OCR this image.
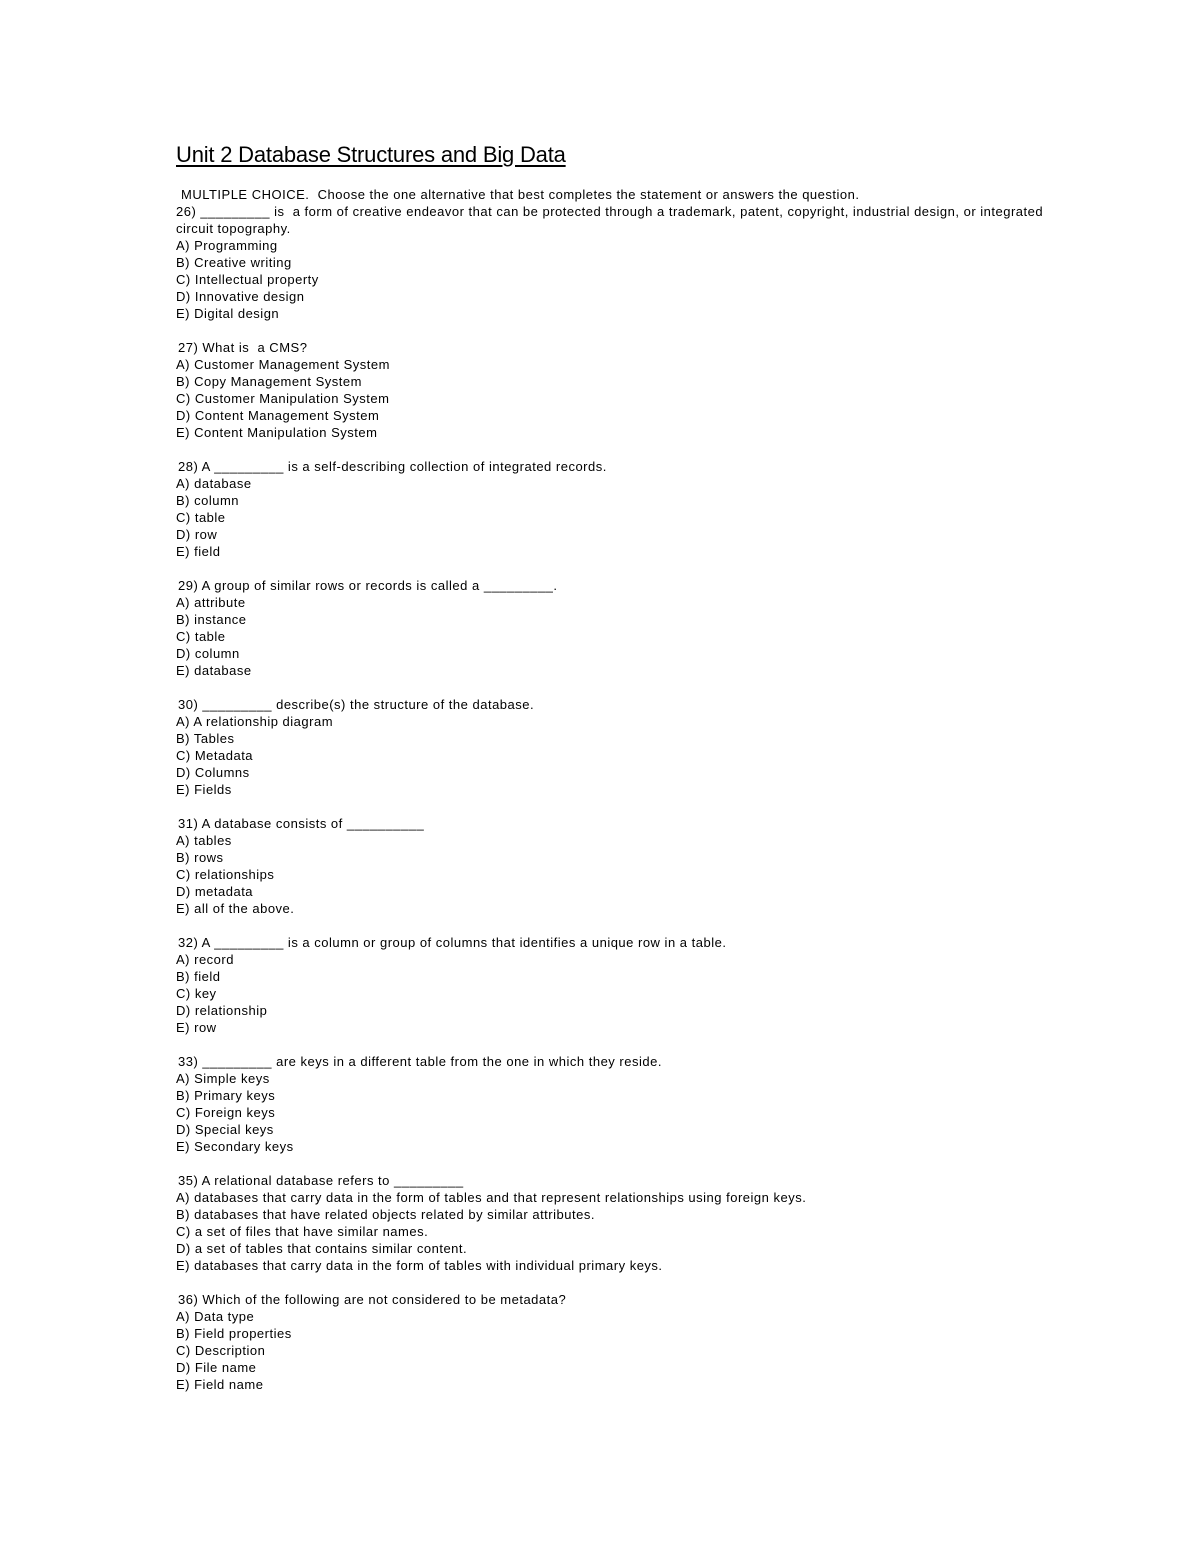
Unit 2 Database Structures and Big Data
MULTIPLE CHOICE.  Choose the one alternative that best completes the statement or answers the question.
26) _________ is  a form of creative endeavor that can be protected through a trademark, patent, copyright, industrial design, or integrated circuit topography.
A) Programming
B) Creative writing
C) Intellectual property
D) Innovative design
E) Digital design
27) What is  a CMS?
A) Customer Management System
B) Copy Management System
C) Customer Manipulation System
D) Content Management System
E) Content Manipulation System
28) A _________ is a self-describing collection of integrated records.
A) database
B) column
C) table
D) row
E) field
29) A group of similar rows or records is called a _________.
A) attribute
B) instance
C) table
D) column
E) database
30) _________ describe(s) the structure of the database.
A) A relationship diagram
B) Tables
C) Metadata
D) Columns
E) Fields
31) A database consists of __________
A) tables
B) rows
C) relationships
D) metadata
E) all of the above.
32) A _________ is a column or group of columns that identifies a unique row in a table.
A) record
B) field
C) key
D) relationship
E) row
33) _________ are keys in a different table from the one in which they reside.
A) Simple keys
B) Primary keys
C) Foreign keys
D) Special keys
E) Secondary keys
35) A relational database refers to _________
A) databases that carry data in the form of tables and that represent relationships using foreign keys.
B) databases that have related objects related by similar attributes.
C) a set of files that have similar names.
D) a set of tables that contains similar content.
E) databases that carry data in the form of tables with individual primary keys.
36) Which of the following are not considered to be metadata?
A) Data type
B) Field properties
C) Description
D) File name
E) Field name
